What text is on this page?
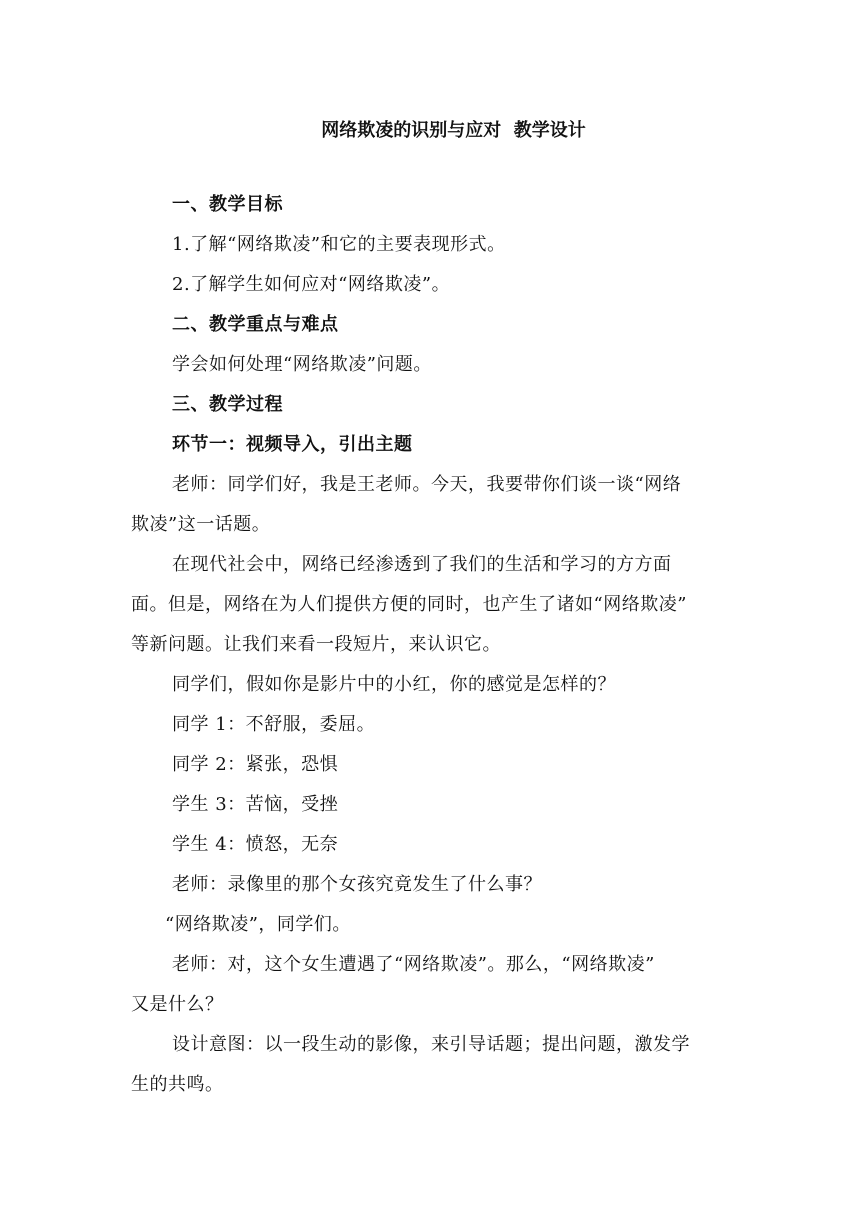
网络欺凌的识别与应对  教学设计
一、教学目标
1.了解“网络欺凌”和它的主要表现形式。
2.了解学生如何应对“网络欺凌”。
二、教学重点与难点
学会如何处理“网络欺凌”问题。
三、教学过程
环节一：视频导入，引出主题
老师：同学们好，我是王老师。今天，我要带你们谈一谈“网络
欺凌”这一话题。
在现代社会中，网络已经渗透到了我们的生活和学习的方方面
面。但是，网络在为人们提供方便的同时，也产生了诸如“网络欺凌”
等新问题。让我们来看一段短片，来认识它。
同学们，假如你是影片中的小红，你的感觉是怎样的？
同学 1：不舒服，委屈。
同学 2：紧张，恐惧
学生 3：苦恼，受挫
学生 4：愤怒，无奈
老师：录像里的那个女孩究竟发生了什么事？
“网络欺凌”，同学们。
老师：对，这个女生遭遇了“网络欺凌”。那么，“网络欺凌”
又是什么？
设计意图：以一段生动的影像，来引导话题；提出问题，激发学
生的共鸣。
